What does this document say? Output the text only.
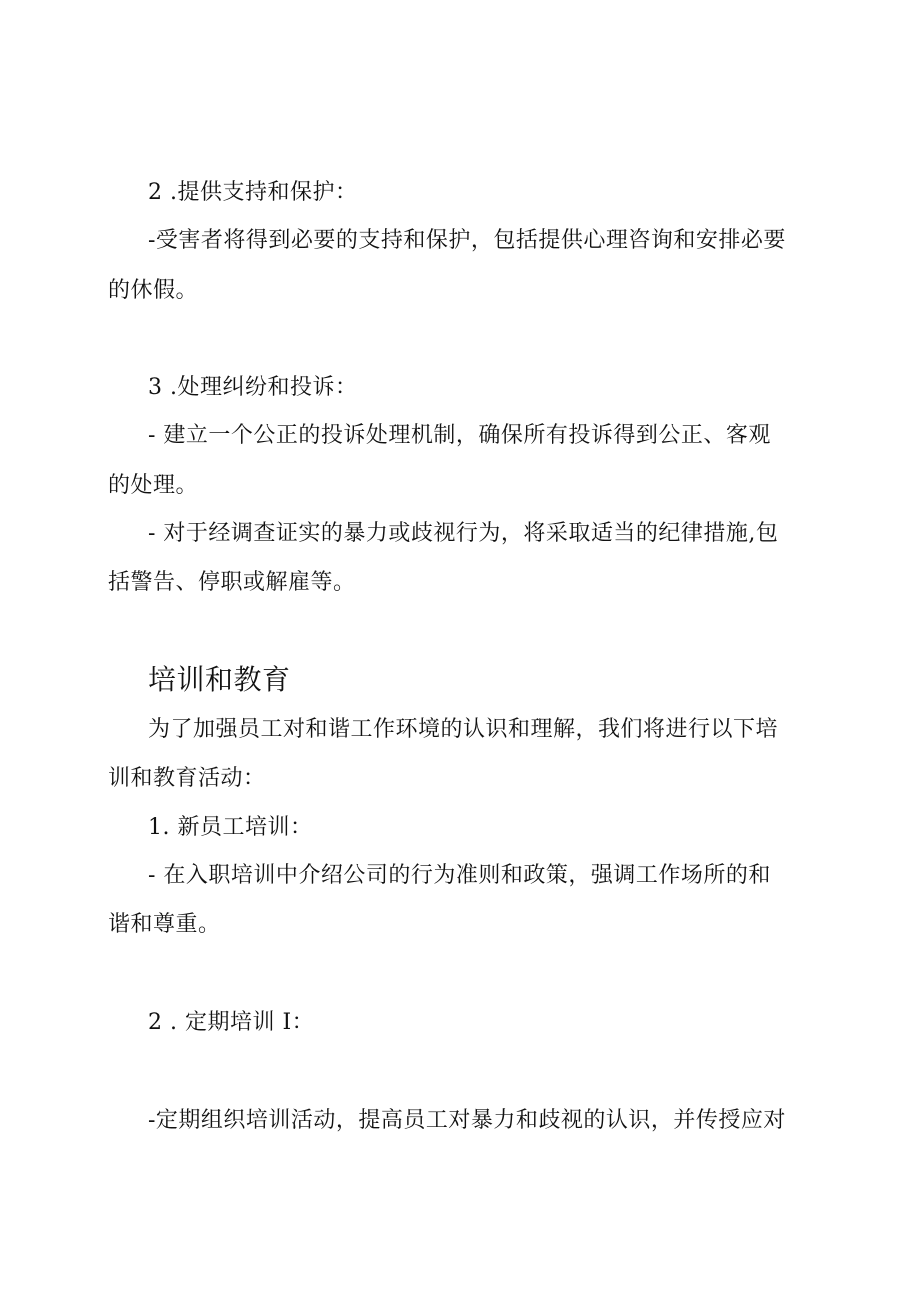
2 .提供支持和保护：
-受害者将得到必要的支持和保护，包括提供心理咨询和安排必要
的休假。
3 .处理纠纷和投诉：
- 建立一个公正的投诉处理机制，确保所有投诉得到公正、客观
的处理。
- 对于经调查证实的暴力或歧视行为，将采取适当的纪律措施,包
括警告、停职或解雇等。
培训和教育
为了加强员工对和谐工作环境的认识和理解，我们将进行以下培
训和教育活动：
1. 新员工培训：
- 在入职培训中介绍公司的行为准则和政策，强调工作场所的和
谐和尊重。
2 . 定期培训 I：
-定期组织培训活动，提高员工对暴力和歧视的认识，并传授应对
